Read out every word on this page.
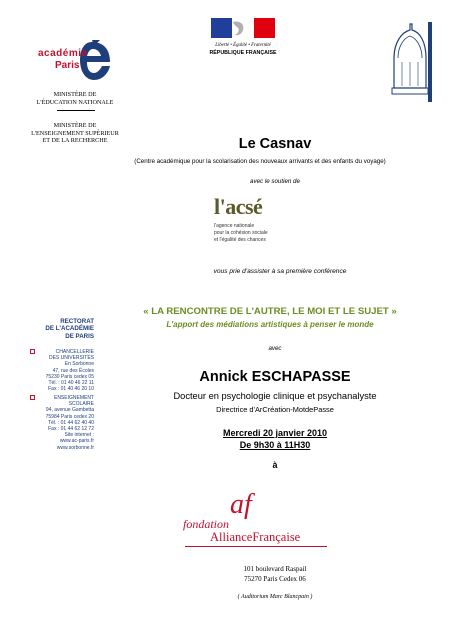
académie
Paris
MINISTÈRE DE
L'ÉDUCATION NATIONALE
MINISTÈRE DE
L'ENSEIGNEMENT SUPÉRIEUR
ET DE LA RECHERCHE
Liberté • Égalité • Fraternité
RÉPUBLIQUE FRANÇAISE
Le Casnav
(Centre académique pour la scolarisation des nouveaux arrivants et des enfants du voyage)
avec le soutien de
l'acsé
l'agence nationale
pour la cohésion sociale
et l'égalité des chances
vous prie d'assister à sa première conférence
« LA RENCONTRE DE L'AUTRE, LE MOI ET LE SUJET »
L'apport des médiations artistiques à penser le monde
RECTORAT
DE L'ACADÉMIE
DE PARIS
CHANCELLERIE
DES UNIVERSITÉS
En Sorbonne
47, rue des Écoles
75230 Paris cedex 05
Tél. : 01 40 46 22 11
Fax : 01 40 46 20 10
ENSEIGNEMENT
SCOLAIRE
94, avenue Gambetta
75984 Paris cedex 20
Tél. : 01 44 62 40 40
Fax : 01 44 62 12 72
Site internet :
www.ac-paris.fr
www.sorbonne.fr
avec
Annick ESCHAPASSE
Docteur en psychologie clinique et psychanalyste
Directrice d'ArCréation-MotdePasse
Mercredi 20 janvier 2010
De 9h30 à 11H30
à
af
fondation
AllianceFrançaise
101 boulevard Raspail
75270 Paris Cedex 06
( Auditorium Marc Blancpain )
